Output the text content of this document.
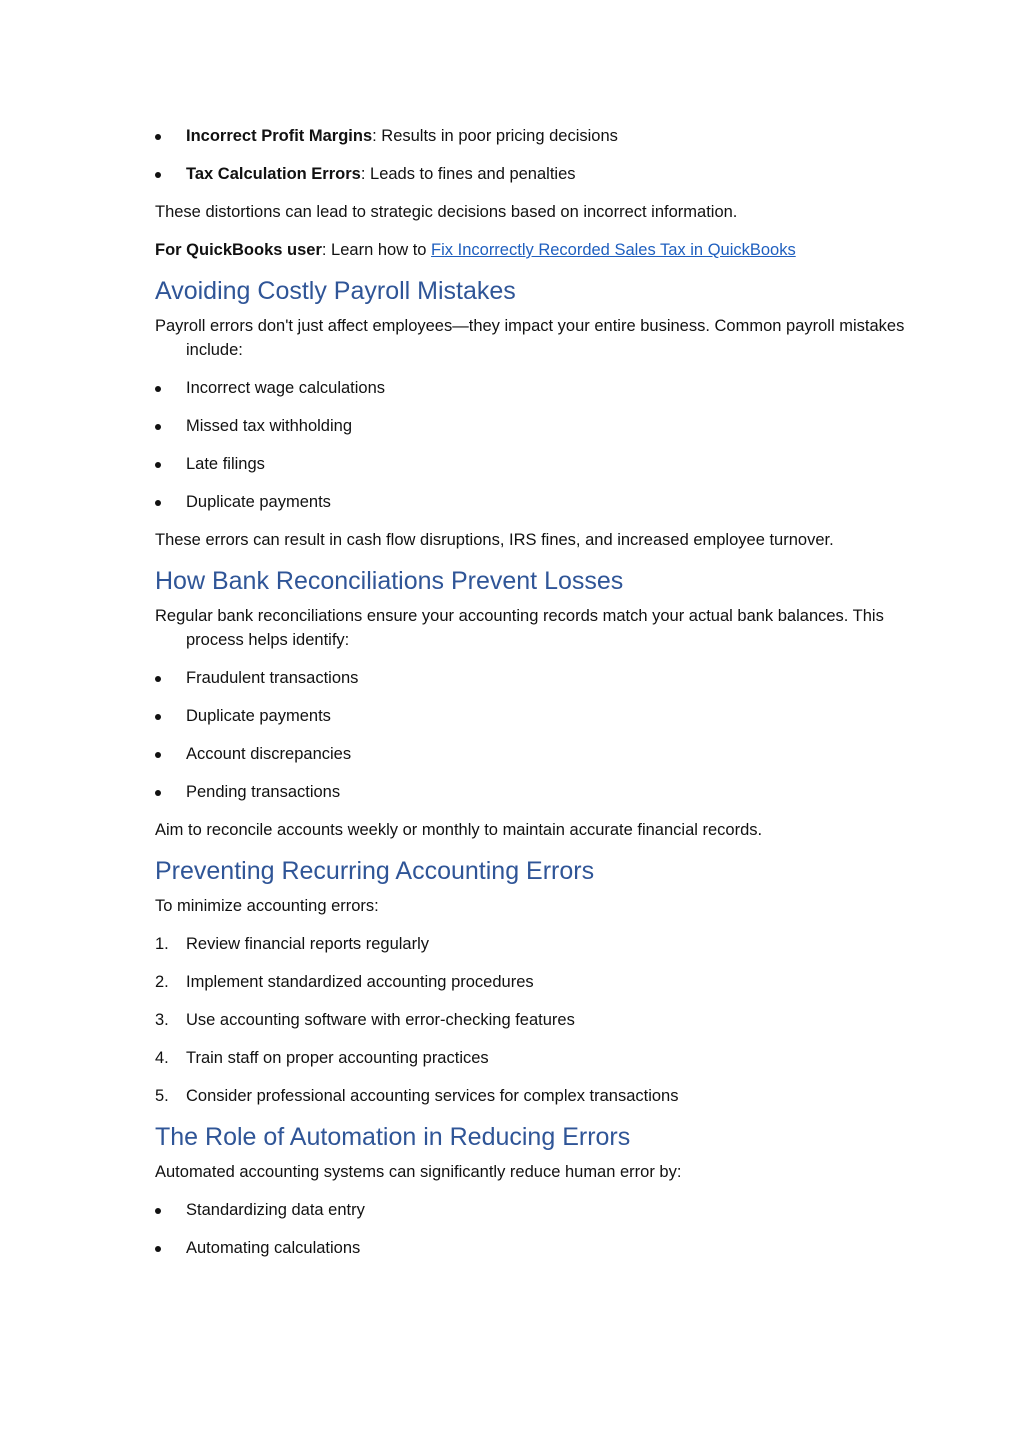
Incorrect Profit Margins: Results in poor pricing decisions
Tax Calculation Errors: Leads to fines and penalties
These distortions can lead to strategic decisions based on incorrect information.
For QuickBooks user: Learn how to Fix Incorrectly Recorded Sales Tax in QuickBooks
Avoiding Costly Payroll Mistakes
Payroll errors don't just affect employees—they impact your entire business. Common payroll mistakes include:
Incorrect wage calculations
Missed tax withholding
Late filings
Duplicate payments
These errors can result in cash flow disruptions, IRS fines, and increased employee turnover.
How Bank Reconciliations Prevent Losses
Regular bank reconciliations ensure your accounting records match your actual bank balances. This process helps identify:
Fraudulent transactions
Duplicate payments
Account discrepancies
Pending transactions
Aim to reconcile accounts weekly or monthly to maintain accurate financial records.
Preventing Recurring Accounting Errors
To minimize accounting errors:
1. Review financial reports regularly
2. Implement standardized accounting procedures
3. Use accounting software with error-checking features
4. Train staff on proper accounting practices
5. Consider professional accounting services for complex transactions
The Role of Automation in Reducing Errors
Automated accounting systems can significantly reduce human error by:
Standardizing data entry
Automating calculations
